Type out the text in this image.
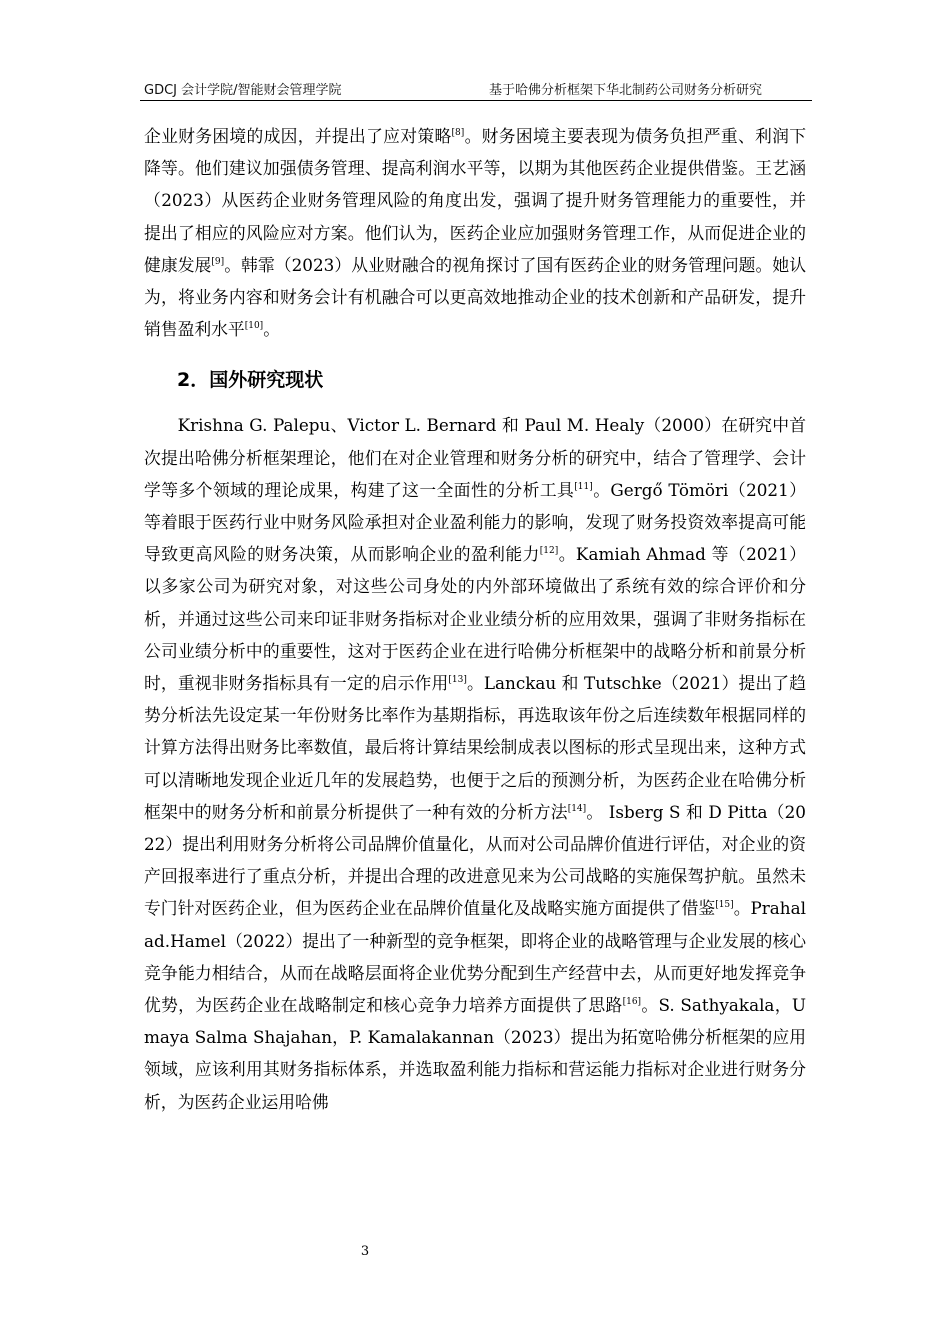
GDCJ 会计学院/智能财会管理学院	基于哈佛分析框架下华北制药公司财务分析研究

企业财务困境的成因，并提出了应对策略[8]。财务困境主要表现为债务负担严重、利润下降等。他们建议加强债务管理、提高利润水平等，以期为其他医药企业提供借鉴。王艺涵（2023）从医药企业财务管理风险的角度出发，强调了提升财务管理能力的重要性，并提出了相应的风险应对方案。他们认为，医药企业应加强财务管理工作，从而促进企业的健康发展[9]。韩霏（2023）从业财融合的视角探讨了国有医药企业的财务管理问题。她认为，将业务内容和财务会计有机融合可以更高效地推动企业的技术创新和产品研发，提升销售盈利水平[10]。

2．国外研究现状

Krishna G. Palepu、Victor L. Bernard 和 Paul M. Healy（2000）在研究中首次提出哈佛分析框架理论，他们在对企业管理和财务分析的研究中，结合了管理学、会计学等多个领域的理论成果，构建了这一全面性的分析工具[11]。Gergő Tömöri（2021）等着眼于医药行业中财务风险承担对企业盈利能力的影响，发现了财务投资效率提高可能导致更高风险的财务决策，从而影响企业的盈利能力[12]。Kamiah Ahmad 等（2021）以多家公司为研究对象，对这些公司身处的内外部环境做出了系统有效的综合评价和分析，并通过这些公司来印证非财务指标对企业业绩分析的应用效果，强调了非财务指标在公司业绩分析中的重要性，这对于医药企业在进行哈佛分析框架中的战略分析和前景分析时，重视非财务指标具有一定的启示作用[13]。Lanckau 和 Tutschke（2021）提出了趋势分析法先设定某一年份财务比率作为基期指标，再选取该年份之后连续数年根据同样的计算方法得出财务比率数值，最后将计算结果绘制成表以图标的形式呈现出来，这种方式可以清晰地发现企业近几年的发展趋势，也便于之后的预测分析，为医药企业在哈佛分析框架中的财务分析和前景分析提供了一种有效的分析方法[14]。 Isberg S 和 D Pitta（2022）提出利用财务分析将公司品牌价值量化，从而对公司品牌价值进行评估，对企业的资产回报率进行了重点分析，并提出合理的改进意见来为公司战略的实施保驾护航。虽然未专门针对医药企业，但为医药企业在品牌价值量化及战略实施方面提供了借鉴[15]。Prahalad.Hamel（2022）提出了一种新型的竞争框架，即将企业的战略管理与企业发展的核心竞争能力相结合，从而在战略层面将企业优势分配到生产经营中去，从而更好地发挥竞争优势，为医药企业在战略制定和核心竞争力培养方面提供了思路[16]。S. Sathyakala，Umaya Salma Shajahan，P. Kamalakannan（2023）提出为拓宽哈佛分析框架的应用领域，应该利用其财务指标体系，并选取盈利能力指标和营运能力指标对企业进行财务分析，为医药企业运用哈佛

3
